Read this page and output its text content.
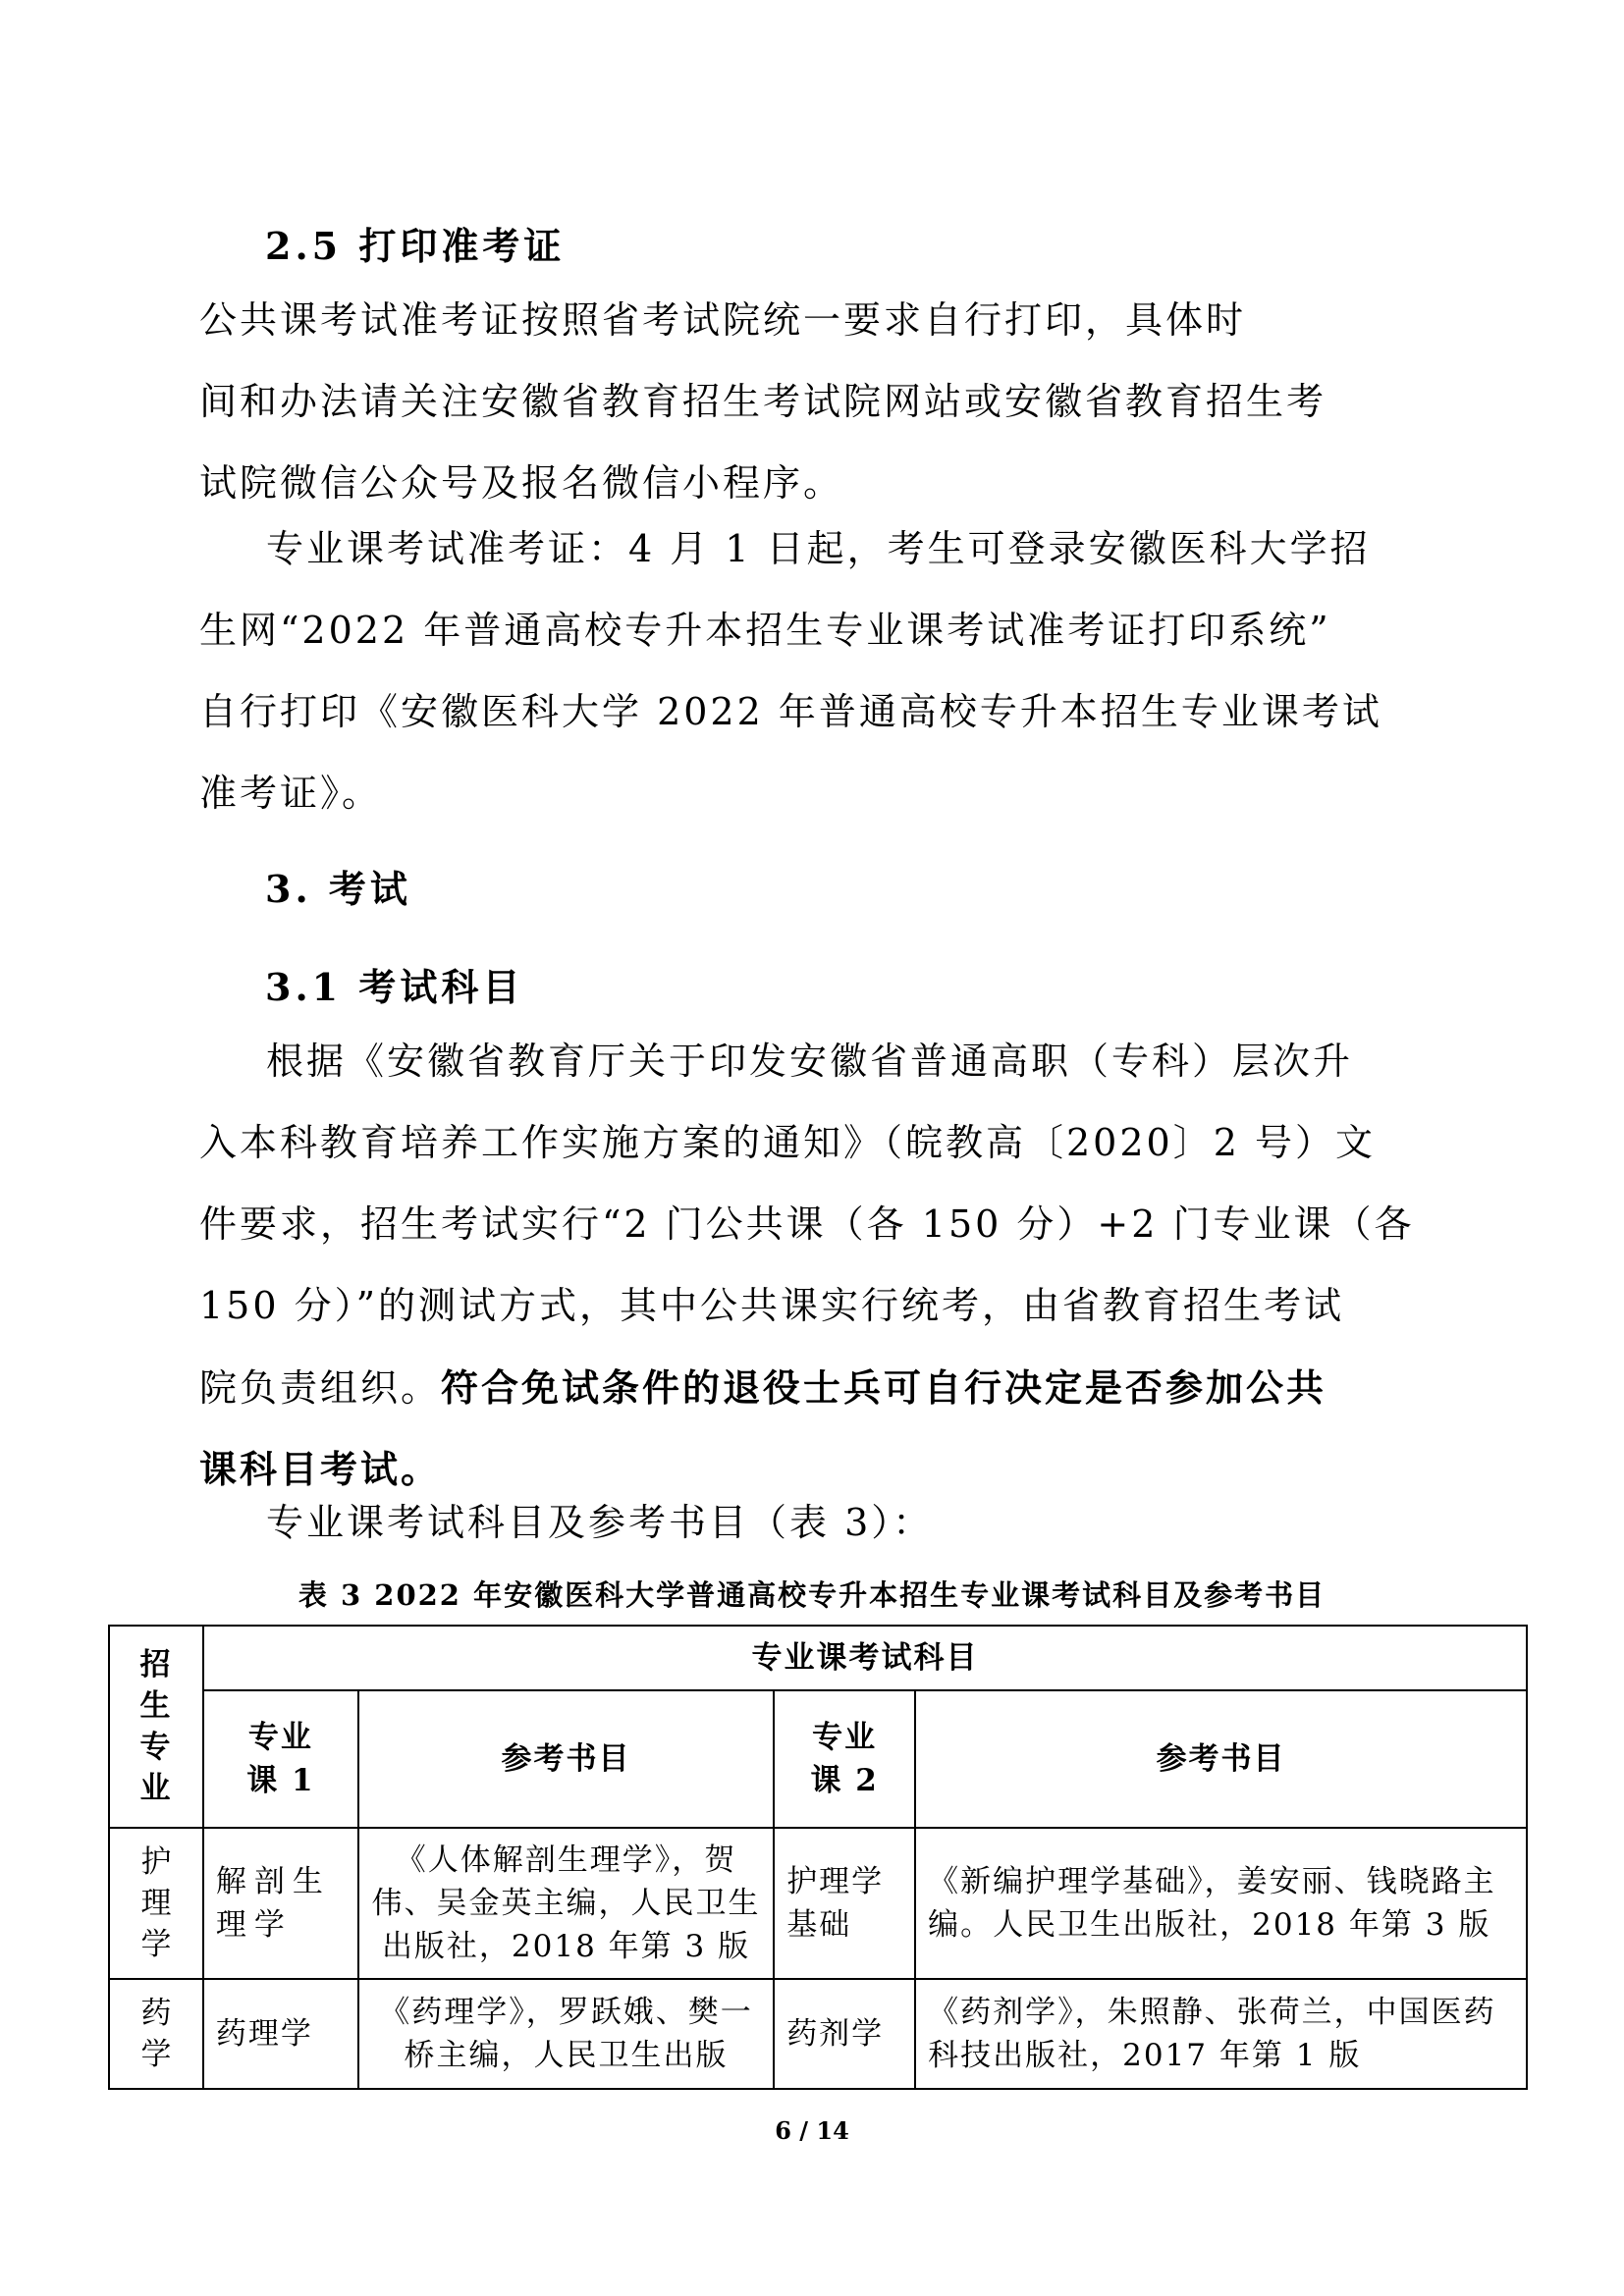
2.5 打印准考证
公共课考试准考证按照省考试院统一要求自行打印，具体时
间和办法请关注安徽省教育招生考试院网站或安徽省教育招生考
试院微信公众号及报名微信小程序。
专业课考试准考证：4 月 1 日起，考生可登录安徽医科大学招
生网“2022 年普通高校专升本招生专业课考试准考证打印系统”
自行打印《安徽医科大学 2022 年普通高校专升本招生专业课考试
准考证》。
3. 考试
3.1 考试科目
根据《安徽省教育厅关于印发安徽省普通高职（专科）层次升
入本科教育培养工作实施方案的通知》（皖教高〔2020〕2 号）文
件要求，招生考试实行“2 门公共课（各 150 分）+2 门专业课（各
150 分）”的测试方式，其中公共课实行统考，由省教育招生考试
院负责组织。符合免试条件的退役士兵可自行决定是否参加公共
课科目考试。
专业课考试科目及参考书目（表 3）：
表 3 2022 年安徽医科大学普通高校专升本招生专业课考试科目及参考书目
招生专业	专业课考试科目			

	专业课 1	参考书目	专业课 2	参考书目

护理学	解剖生理学	《人体解剖生理学》，贺伟、吴金英主编，人民卫生出版社，2018 年第 3 版	护理学基础	《新编护理学基础》，姜安丽、钱晓路主编。人民卫生出版社，2018 年第 3 版

药学	药理学	《药理学》，罗跃娥、樊一桥主编，人民卫生出版	药剂学	《药剂学》，朱照静、张荷兰，中国医药科技出版社，2017 年第 1 版
6 / 14
